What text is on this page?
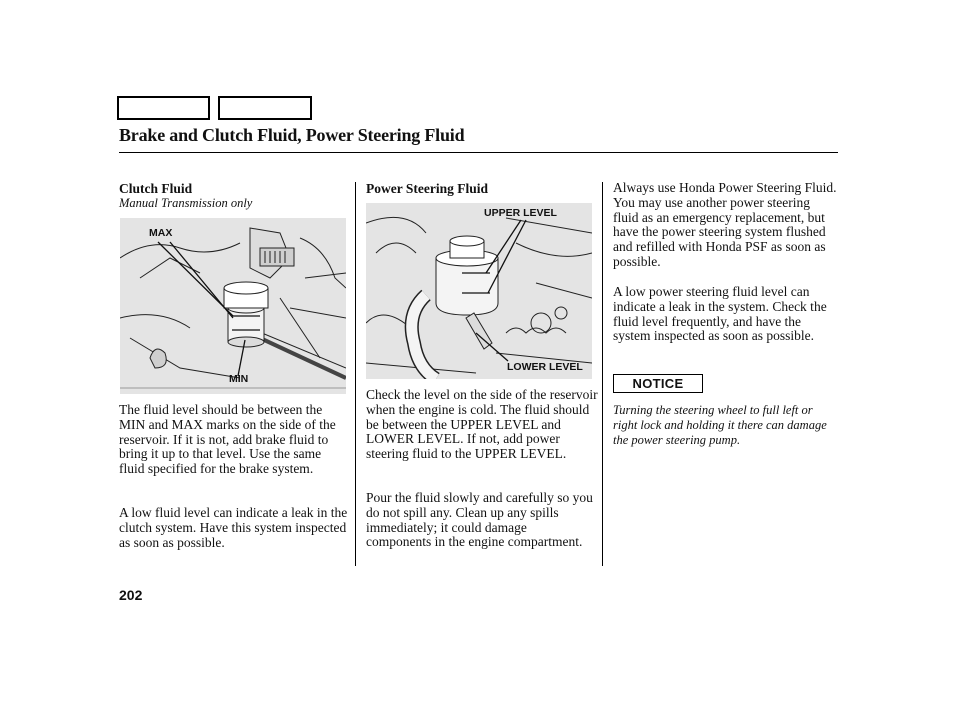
Brake and Clutch Fluid, Power Steering Fluid
Clutch Fluid
Manual Transmission only
MAX
MIN
The fluid level should be between the MIN and MAX marks on the side of the reservoir. If it is not, add brake fluid to bring it up to that level. Use the same fluid specified for the brake system.
A low fluid level can indicate a leak in the clutch system. Have this system inspected as soon as possible.
Power Steering Fluid
UPPER LEVEL
LOWER LEVEL
Check the level on the side of the reservoir when the engine is cold. The fluid should be between the UPPER LEVEL and LOWER LEVEL. If not, add power steering fluid to the UPPER LEVEL.
Pour the fluid slowly and carefully so you do not spill any. Clean up any spills immediately; it could damage components in the engine compartment.
Always use Honda Power Steering Fluid. You may use another power steering fluid as an emergency replacement, but have the power steering system flushed and refilled with Honda PSF as soon as possible.
A low power steering fluid level can indicate a leak in the system. Check the fluid level frequently, and have the system inspected as soon as possible.
NOTICE
Turning the steering wheel to full left or right lock and holding it there can damage the power steering pump.
202
